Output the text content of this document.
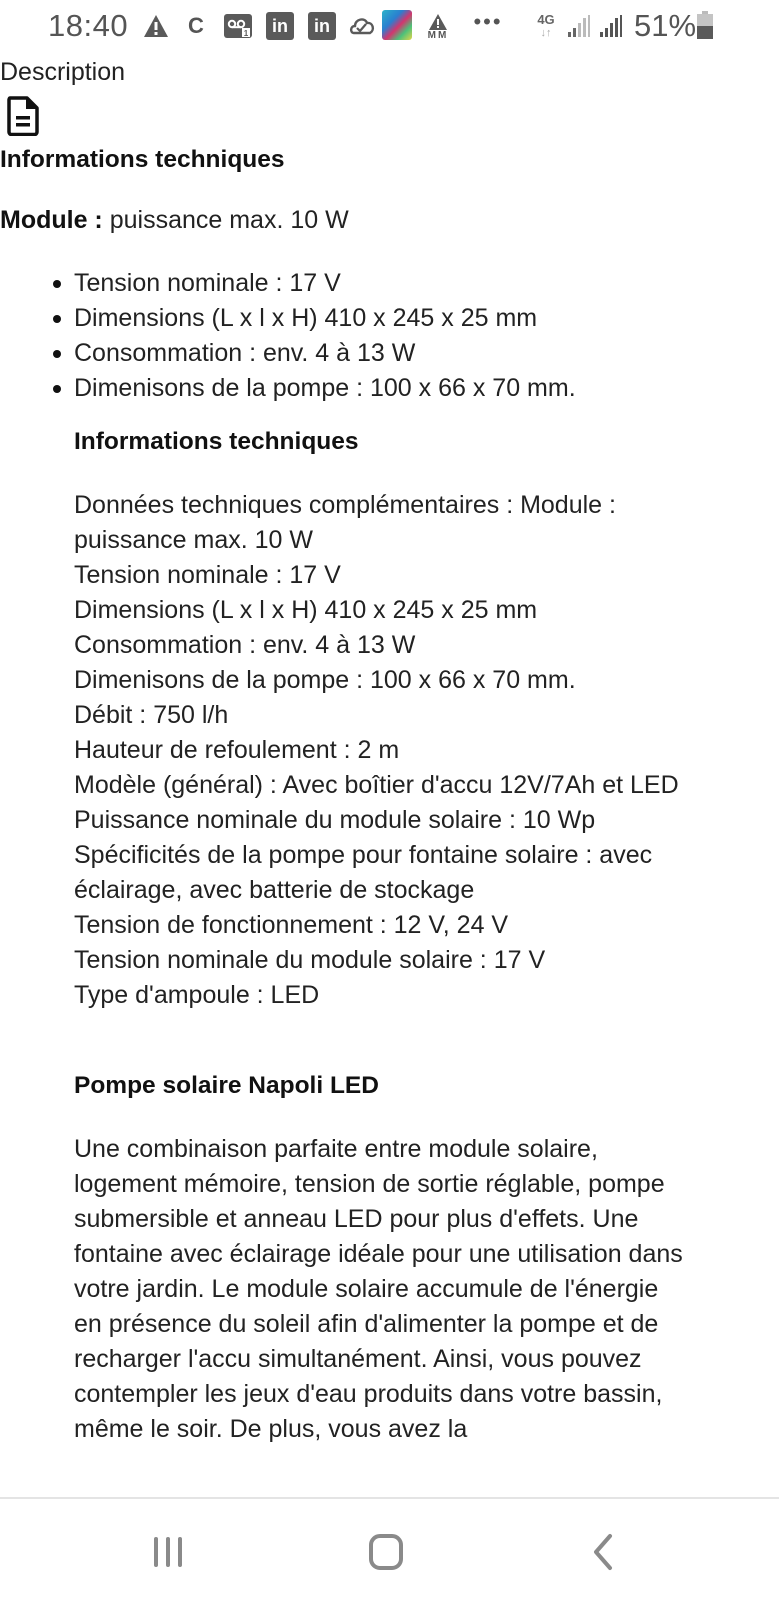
18:40	C	1	in	in	MM
•••	4G
↓↑	51%
Description
Informations techniques
Module : puissance max. 10 W
Tension nominale : 17 V
Dimensions (L x l x H) 410 x 245 x 25 mm
Consommation : env. 4 à 13 W
Dimenisons de la pompe : 100 x 66 x 70 mm.
Informations techniques
Données techniques complémentaires : Module : puissance max. 10 W
Tension nominale : 17 V
Dimensions (L x l x H) 410 x 245 x 25 mm
Consommation : env. 4 à 13 W
Dimenisons de la pompe : 100 x 66 x 70 mm.
Débit : 750 l/h
Hauteur de refoulement : 2 m
Modèle (général) : Avec boîtier d'accu 12V/7Ah et LED
Puissance nominale du module solaire : 10 Wp
Spécificités de la pompe pour fontaine solaire : avec éclairage, avec batterie de stockage
Tension de fonctionnement : 12 V, 24 V
Tension nominale du module solaire : 17 V
Type d'ampoule : LED
Pompe solaire Napoli LED

Une combinaison parfaite entre module solaire, logement mémoire, tension de sortie réglable, pompe submersible et anneau LED pour plus d'effets. Une fontaine avec éclairage idéale pour une utilisation dans votre jardin. Le module solaire accumule de l'énergie en présence du soleil afin d'alimenter la pompe et de recharger l'accu simultanément. Ainsi, vous pouvez contempler les jeux d'eau produits dans votre bassin, même le soir. De plus, vous avez la
